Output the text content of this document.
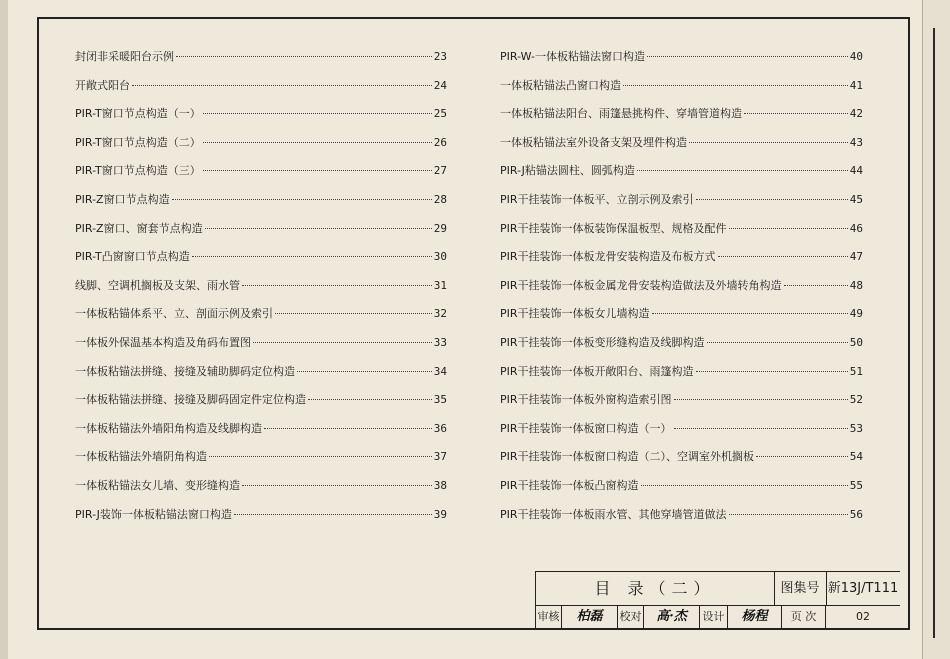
封闭非采暖阳台示例	23
开敞式阳台	24
PIR-T窗口节点构造（一）	25
PIR-T窗口节点构造（二）	26
PIR-T窗口节点构造（三）	27
PIR-Z窗口节点构造	28
PIR-Z窗口、窗套节点构造	29
PIR-T凸窗窗口节点构造	30
线脚、空调机搁板及支架、雨水管	31
一体板粘锚体系平、立、剖面示例及索引	32
一体板外保温基本构造及角码布置图	33
一体板粘锚法拼缝、接缝及辅助脚码定位构造	34
一体板粘锚法拼缝、接缝及脚码固定件定位构造	35
一体板粘锚法外墙阳角构造及线脚构造	36
一体板粘锚法外墙阴角构造	37
一体板粘锚法女儿墙、变形缝构造	38
PIR-J装饰一体板粘锚法窗口构造	39
PIR-W-一体板粘锚法窗口构造	40
一体板粘锚法凸窗口构造	41
一体板粘锚法阳台、雨篷悬挑构件、穿墙管道构造	42
一体板粘锚法室外设备支架及埋件构造	43
PIR-J粘锚法圆柱、圆弧构造	44
PIR干挂装饰一体板平、立剖示例及索引	45
PIR干挂装饰一体板装饰保温板型、规格及配件	46
PIR干挂装饰一体板龙骨安装构造及布板方式	47
PIR干挂装饰一体板金属龙骨安装构造做法及外墙转角构造	48
PIR干挂装饰一体板女儿墙构造	49
PIR干挂装饰一体板变形缝构造及线脚构造	50
PIR干挂装饰一体板开敞阳台、雨篷构造	51
PIR干挂装饰一体板外窗构造索引图	52
PIR干挂装饰一体板窗口构造（一）	53
PIR干挂装饰一体板窗口构造（二）、空调室外机搁板	54
PIR干挂装饰一体板凸窗构造	55
PIR干挂装饰一体板雨水管、其他穿墙管道做法	56
目 录（二）	图集号 新13J/T111
审核	柏磊	校对	高·杰	设计	杨程	页 次	02
